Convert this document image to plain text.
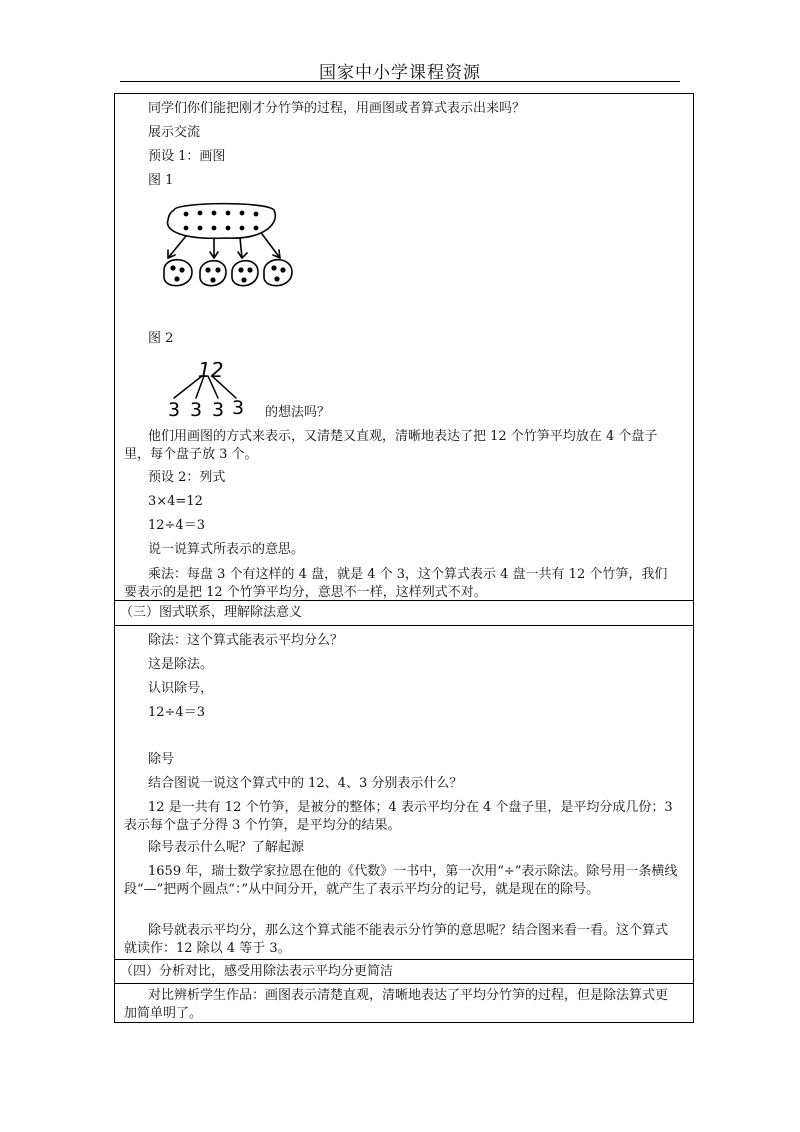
国家中小学课程资源
同学们你们能把刚才分竹笋的过程，用画图或者算式表示出来吗？
展示交流
预设 1：画图
图 1
图 2
12
3 3 3 3 的想法吗？
他们用画图的方式来表示，又清楚又直观，清晰地表达了把 12 个竹笋平均放在 4 个盘子里，每个盘子放 3 个。
预设 2：列式
3×4=12
12÷4＝3
说一说算式所表示的意思。
乘法：每盘 3 个有这样的 4 盘，就是 4 个 3，这个算式表示 4 盘一共有 12 个竹笋，我们要表示的是把 12 个竹笋平均分，意思不一样，这样列式不对。
（三）图式联系，理解除法意义
除法：这个算式能表示平均分么？
这是除法。
认识除号，
12÷4＝3
除号
结合图说一说这个算式中的 12、4、3 分别表示什么？
12 是一共有 12 个竹笋，是被分的整体；4 表示平均分在 4 个盘子里，是平均分成几份；3 表示每个盘子分得 3 个竹笋，是平均分的结果。
除号表示什么呢？了解起源
1659 年，瑞士数学家拉恩在他的《代数》一书中，第一次用“÷”表示除法。除号用一条横线段“—”把两个圆点“：”从中间分开，就产生了表示平均分的记号，就是现在的除号。
除号就表示平均分，那么这个算式能不能表示分竹笋的意思呢？结合图来看一看。这个算式就读作：12 除以 4 等于 3。
（四）分析对比，感受用除法表示平均分更简洁
对比辨析学生作品：画图表示清楚直观，清晰地表达了平均分竹笋的过程，但是除法算式更加简单明了。
